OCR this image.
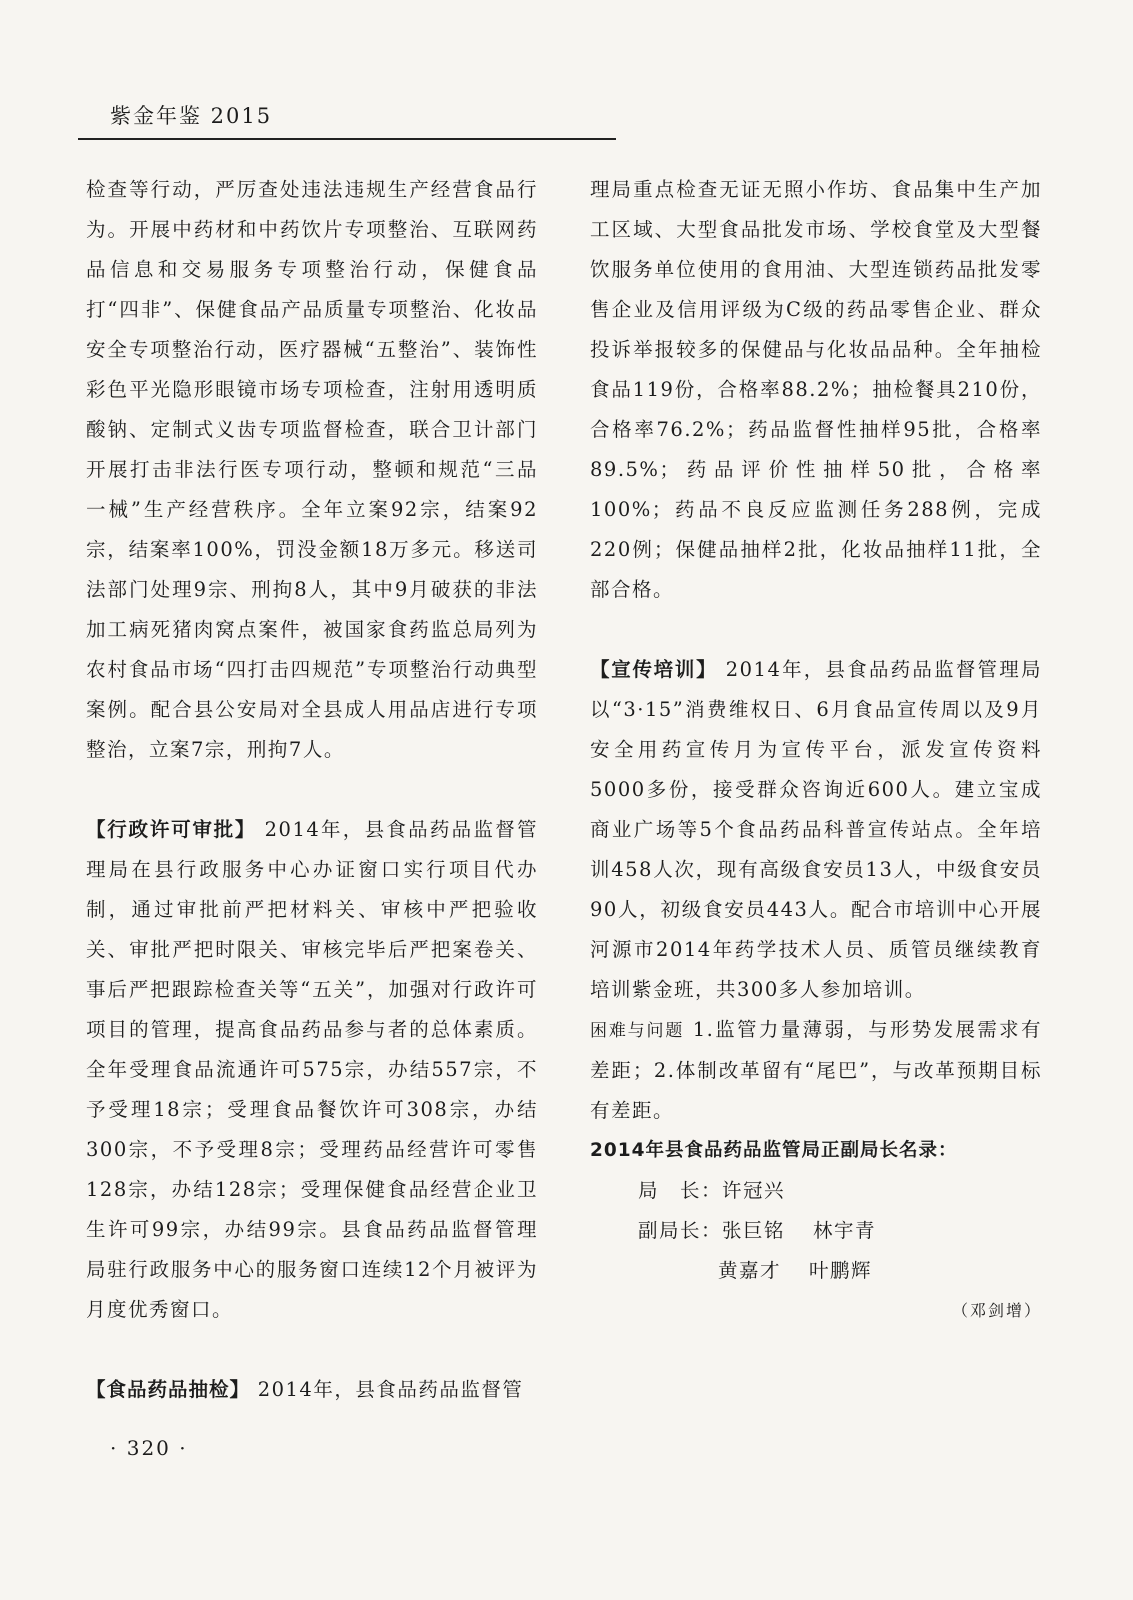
紫金年鉴 2015

检查等行动，严厉查处违法违规生产经营食品行为。开展中药材和中药饮片专项整治、互联网药品信息和交易服务专项整治行动，保健食品打“四非”、保健食品产品质量专项整治、化妆品安全专项整治行动，医疗器械“五整治”、装饰性彩色平光隐形眼镜市场专项检查，注射用透明质酸钠、定制式义齿专项监督检查，联合卫计部门开展打击非法行医专项行动，整顿和规范“三品一械”生产经营秩序。全年立案92宗，结案92宗，结案率100%，罚没金额18万多元。移送司法部门处理9宗、刑拘8人，其中9月破获的非法加工病死猪肉窝点案件，被国家食药监总局列为农村食品市场“四打击四规范”专项整治行动典型案例。配合县公安局对全县成人用品店进行专项整治，立案7宗，刑拘7人。

【行政许可审批】 2014年，县食品药品监督管理局在县行政服务中心办证窗口实行项目代办制，通过审批前严把材料关、审核中严把验收关、审批严把时限关、审核完毕后严把案卷关、事后严把跟踪检查关等“五关”，加强对行政许可项目的管理，提高食品药品参与者的总体素质。全年受理食品流通许可575宗，办结557宗，不予受理18宗；受理食品餐饮许可308宗，办结300宗，不予受理8宗；受理药品经营许可零售128宗，办结128宗；受理保健食品经营企业卫生许可99宗，办结99宗。县食品药品监督管理局驻行政服务中心的服务窗口连续12个月被评为月度优秀窗口。

【食品药品抽检】 2014年，县食品药品监督管

理局重点检查无证无照小作坊、食品集中生产加工区域、大型食品批发市场、学校食堂及大型餐饮服务单位使用的食用油、大型连锁药品批发零售企业及信用评级为C级的药品零售企业、群众投诉举报较多的保健品与化妆品品种。全年抽检食品119份，合格率88.2%；抽检餐具210份，合格率76.2%；药品监督性抽样95批，合格率89.5%；药品评价性抽样50批，合格率100%；药品不良反应监测任务288例，完成220例；保健品抽样2批，化妆品抽样11批，全部合格。

【宣传培训】 2014年，县食品药品监督管理局以“3·15”消费维权日、6月食品宣传周以及9月安全用药宣传月为宣传平台，派发宣传资料5000多份，接受群众咨询近600人。建立宝成商业广场等5个食品药品科普宣传站点。全年培训458人次，现有高级食安员13人，中级食安员90人，初级食安员443人。配合市培训中心开展河源市2014年药学技术人员、质管员继续教育培训紫金班，共300多人参加培训。

困难与问题 1.监管力量薄弱，与形势发展需求有差距；2.体制改革留有“尾巴”，与改革预期目标有差距。

2014年县食品药品监管局正副局长名录：

局　长：许冠兴

副局长：张巨铭 林宇青

黄嘉才 叶鹏辉

（邓剑增）

· 320 ·
